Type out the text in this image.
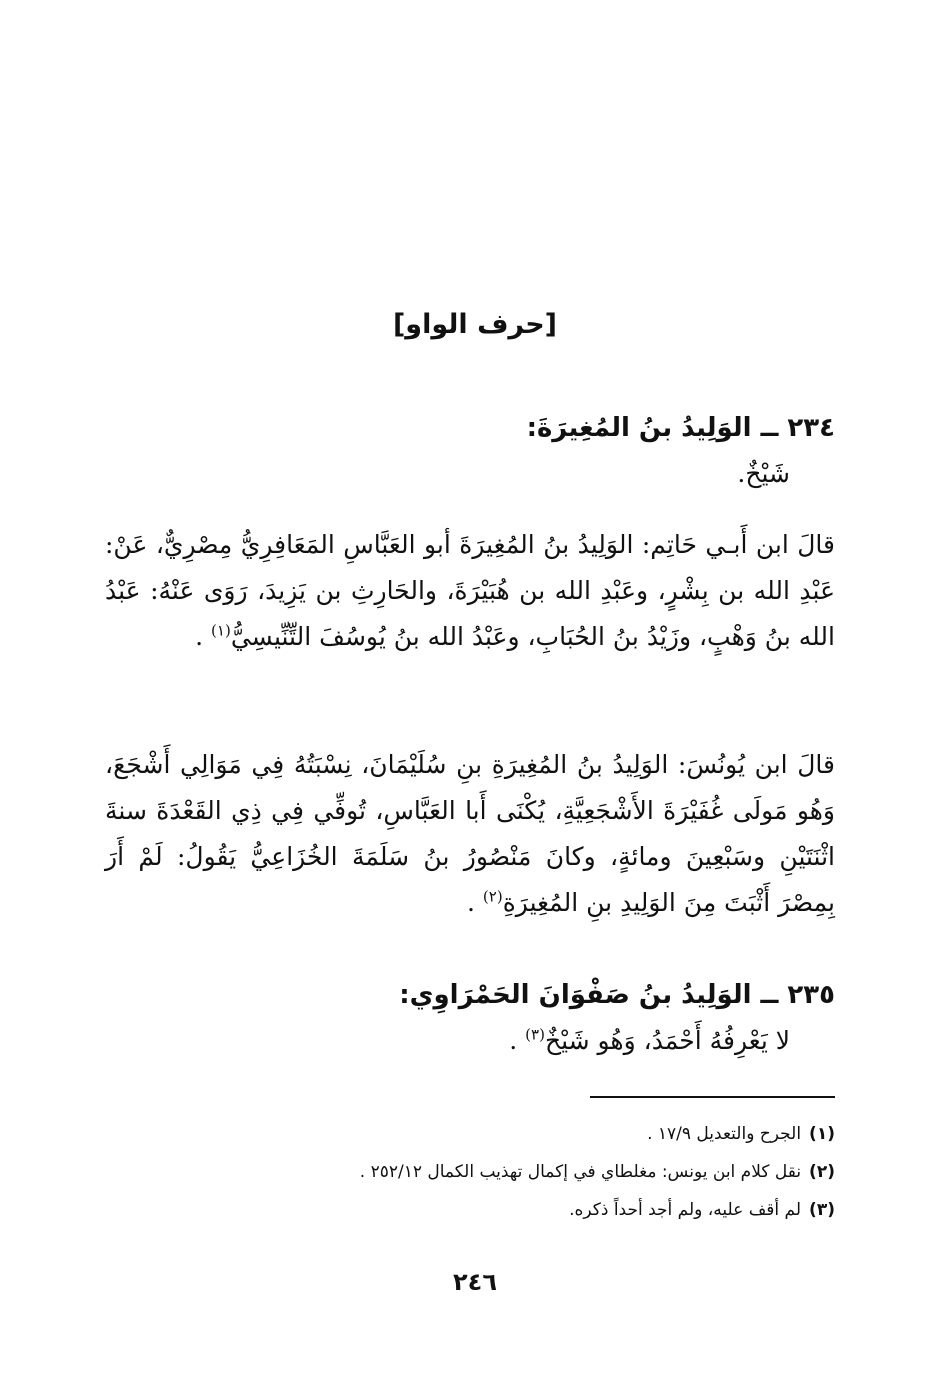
[حرف الواو]

٢٣٤ ــ الوَلِيدُ بنُ المُغِيرَةَ:

شَيْخٌ.

قالَ ابن أَبـي حَاتِم: الوَلِيدُ بنُ المُغِيرَةَ أبو العَبَّاسِ المَعَافِرِيُّ مِصْرِيٌّ، عَنْ: عَبْدِ الله بن بِشْرٍ، وعَبْدِ الله بن هُبَيْرَةَ، والحَارِثِ بن يَزِيدَ، رَوَى عَنْهُ: عَبْدُ الله بنُ وَهْبٍ، وزَيْدُ بنُ الحُبَابِ، وعَبْدُ الله بنُ يُوسُفَ التِّنِّيسِيُّ$^{(١)}$ .

قالَ ابن يُونُسَ: الوَلِيدُ بنُ المُغِيرَةِ بنِ سُلَيْمَانَ، نِسْبَتُهُ فِي مَوَالِي أَشْجَعَ، وَهُو مَولَى غُفَيْرَةَ الأَشْجَعِيَّةِ، يُكْنَى أَبا العَبَّاسِ، تُوفِّي فِي ذِي القَعْدَةَ سنةَ اثْنَتَيْنِ وسَبْعِينَ ومائةٍ، وكانَ مَنْصُورُ بنُ سَلَمَةَ الخُزَاعِيُّ يَقُولُ: لَمْ أَرَ بِمِصْرَ أَثْبَتَ مِنَ الوَلِيدِ بنِ المُغِيرَةِ$^{(٢)}$ .

٢٣٥ ــ الوَلِيدُ بنُ صَفْوَانَ الحَمْرَاوِي:

لا يَعْرِفُهُ أَحْمَدُ، وَهُو شَيْخٌ$^{(٣)}$ .

(١)الجرح والتعديل ١٧/٩ .

(٢)نقل كلام ابن يونس: مغلطاي في إكمال تهذيب الكمال ٢٥٢/١٢ .

(٣)لم أقف عليه، ولم أجد أحداً ذكره.

٢٤٦
